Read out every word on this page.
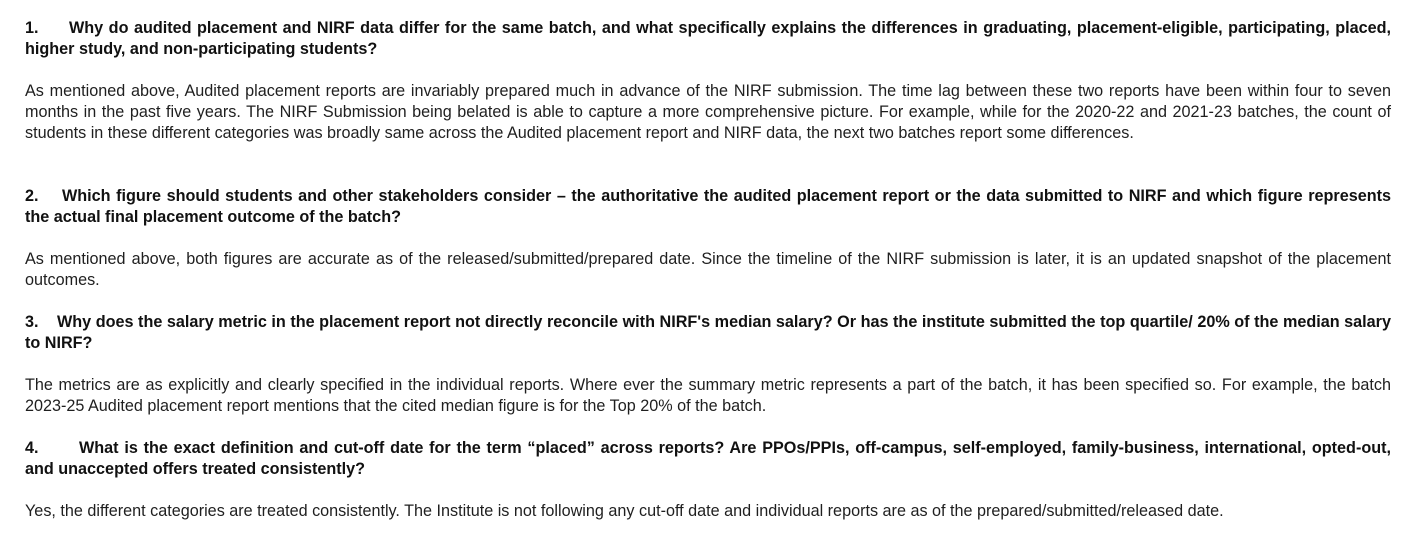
1. Why do audited placement and NIRF data differ for the same batch, and what specifically explains the differences in graduating, placement-eligible, participating, placed, higher study, and non-participating students?

As mentioned above, Audited placement reports are invariably prepared much in advance of the NIRF submission. The time lag between these two reports have been within four to seven months in the past five years. The NIRF Submission being belated is able to capture a more comprehensive picture. For example, while for the 2020-22 and 2021-23 batches, the count of students in these different categories was broadly same across the Audited placement report and NIRF data, the next two batches report some differences.

2. Which figure should students and other stakeholders consider – the authoritative the audited placement report or the data submitted to NIRF and which figure represents the actual final placement outcome of the batch?

As mentioned above, both figures are accurate as of the released/submitted/prepared date. Since the timeline of the NIRF submission is later, it is an updated snapshot of the placement outcomes.

3. Why does the salary metric in the placement report not directly reconcile with NIRF's median salary? Or has the institute submitted the top quartile/ 20% of the median salary to NIRF?

The metrics are as explicitly and clearly specified in the individual reports. Where ever the summary metric represents a part of the batch, it has been specified so. For example, the batch 2023-25 Audited placement report mentions that the cited median figure is for the Top 20% of the batch.

4. What is the exact definition and cut-off date for the term “placed” across reports? Are PPOs/PPIs, off-campus, self-employed, family-business, international, opted-out, and unaccepted offers treated consistently?

Yes, the different categories are treated consistently. The Institute is not following any cut-off date and individual reports are as of the prepared/submitted/released date.
